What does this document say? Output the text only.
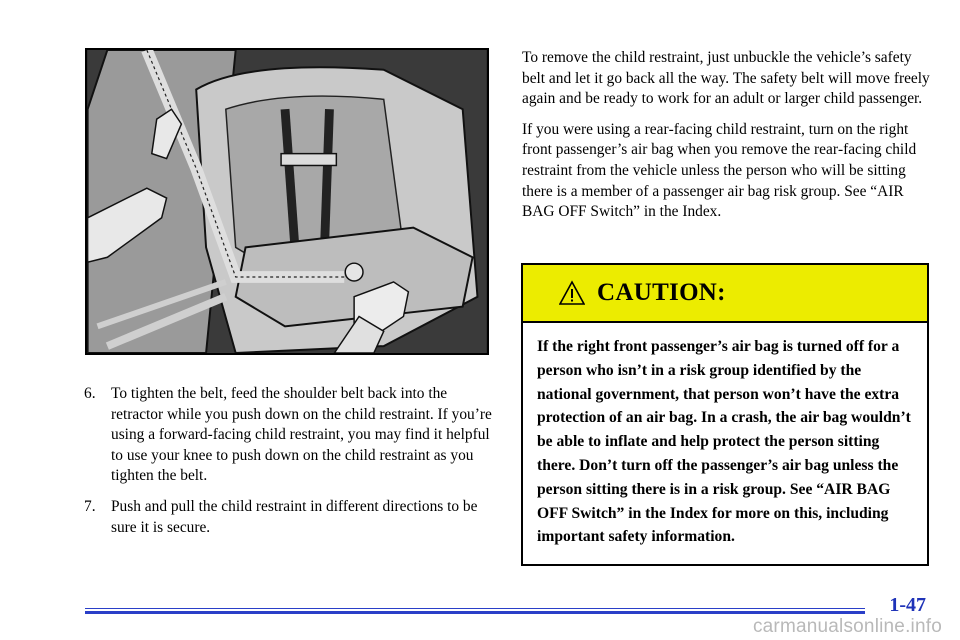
6.	To tighten the belt, feed the shoulder belt back into the retractor while you push down on the child restraint. If you’re using a forward‑facing child restraint, you may find it helpful to use your knee to push down on the child restraint as you tighten the belt.
7.	Push and pull the child restraint in different directions to be sure it is secure.

To remove the child restraint, just unbuckle the vehicle’s safety belt and let it go back all the way. The safety belt will move freely again and be ready to work for an adult or larger child passenger.

If you were using a rear‑facing child restraint, turn on the right front passenger’s air bag when you remove the rear‑facing child restraint from the vehicle unless the person who will be sitting there is a member of a passenger air bag risk group. See “AIR BAG OFF Switch” in the Index.

CAUTION:
If the right front passenger’s air bag is turned off for a person who isn’t in a risk group identified by the national government, that person won’t have the extra protection of an air bag. In a crash, the air bag wouldn’t be able to inflate and help protect the person sitting there. Don’t turn off the passenger’s air bag unless the person sitting there is in a risk group. See “AIR BAG OFF Switch” in the Index for more on this, including important safety information.
1-47
carmanualsonline.info
